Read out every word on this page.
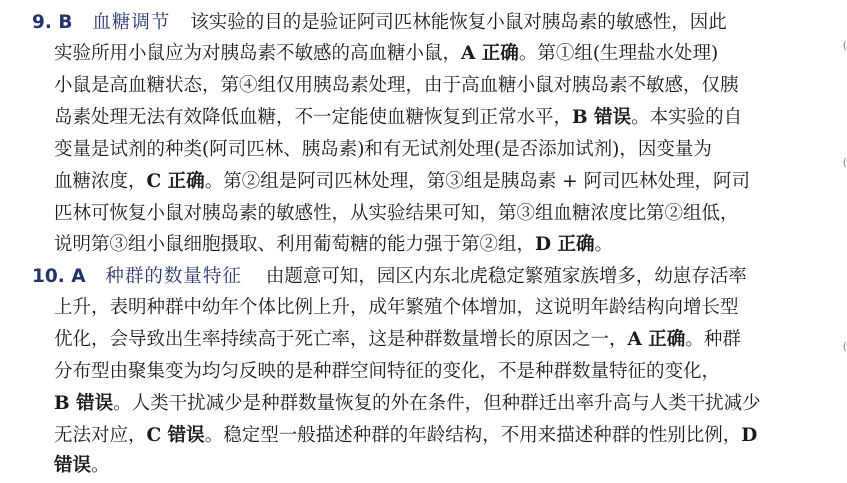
9. B 血糖调节 该实验的目的是验证阿司匹林能恢复小鼠对胰岛素的敏感性，因此
实验所用小鼠应为对胰岛素不敏感的高血糖小鼠，A 正确。第①组(生理盐水处理)
小鼠是高血糖状态，第④组仅用胰岛素处理，由于高血糖小鼠对胰岛素不敏感，仅胰
岛素处理无法有效降低血糖，不一定能使血糖恢复到正常水平，B 错误。本实验的自
变量是试剂的种类(阿司匹林、胰岛素)和有无试剂处理(是否添加试剂)，因变量为
血糖浓度，C 正确。第②组是阿司匹林处理，第③组是胰岛素 + 阿司匹林处理，阿司
匹林可恢复小鼠对胰岛素的敏感性，从实验结果可知，第③组血糖浓度比第②组低，
说明第③组小鼠细胞摄取、利用葡萄糖的能力强于第②组，D 正确。
10. A 种群的数量特征 由题意可知，园区内东北虎稳定繁殖家族增多，幼崽存活率
上升，表明种群中幼年个体比例上升，成年繁殖个体增加，这说明年龄结构向增长型
优化，会导致出生率持续高于死亡率，这是种群数量增长的原因之一，A 正确。种群
分布型由聚集变为均匀反映的是种群空间特征的变化，不是种群数量特征的变化，
B 错误。人类干扰减少是种群数量恢复的外在条件，但种群迁出率升高与人类干扰减少
无法对应，C 错误。稳定型一般描述种群的年龄结构，不用来描述种群的性别比例，D
错误。
(
(
(
